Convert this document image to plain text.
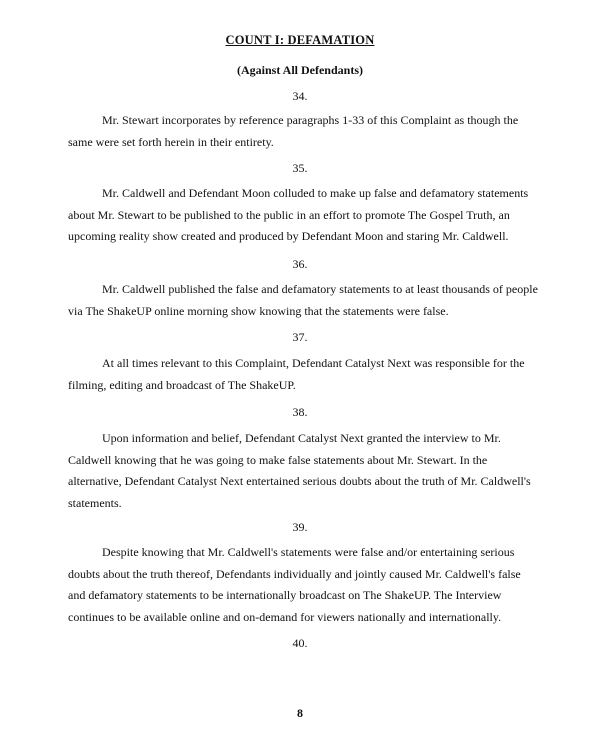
COUNT I: DEFAMATION
(Against All Defendants)
34.

Mr. Stewart incorporates by reference paragraphs 1-33 of this Complaint as though the same were set forth herein in their entirety.

35.

Mr. Caldwell and Defendant Moon colluded to make up false and defamatory statements about Mr. Stewart to be published to the public in an effort to promote The Gospel Truth, an upcoming reality show created and produced by Defendant Moon and staring Mr. Caldwell.

36.

Mr. Caldwell published the false and defamatory statements to at least thousands of people via The ShakeUP online morning show knowing that the statements were false.

37.

At all times relevant to this Complaint, Defendant Catalyst Next was responsible for the filming, editing and broadcast of The ShakeUP.

38.

Upon information and belief, Defendant Catalyst Next granted the interview to Mr. Caldwell knowing that he was going to make false statements about Mr. Stewart. In the alternative, Defendant Catalyst Next entertained serious doubts about the truth of Mr. Caldwell's statements.

39.

Despite knowing that Mr. Caldwell's statements were false and/or entertaining serious doubts about the truth thereof, Defendants individually and jointly caused Mr. Caldwell's false and defamatory statements to be internationally broadcast on The ShakeUP. The Interview continues to be available online and on-demand for viewers nationally and internationally.

40.
8
